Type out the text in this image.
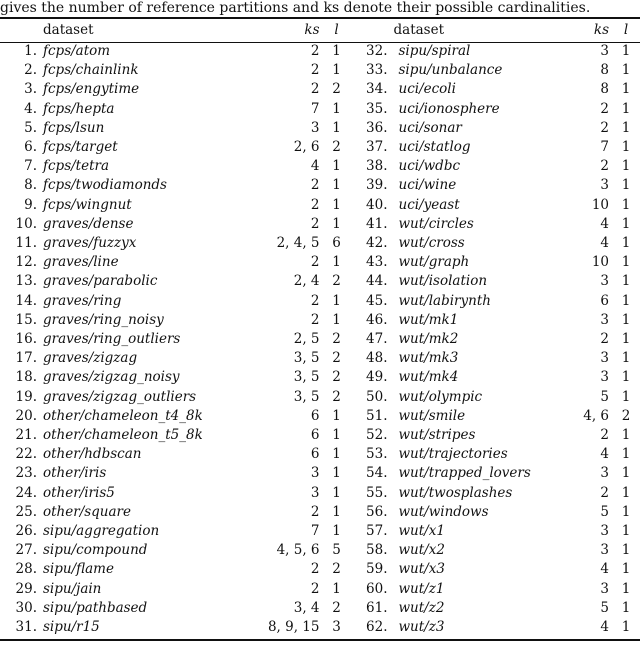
gives the number of reference partitions and ks denote their possible cardinalities.
	dataset	ks	l		dataset	ks	l
1.	fcps/atom	2	1	32.	sipu/spiral	3	1
2.	fcps/chainlink	2	1	33.	sipu/unbalance	8	1
3.	fcps/engytime	2	2	34.	uci/ecoli	8	1
4.	fcps/hepta	7	1	35.	uci/ionosphere	2	1
5.	fcps/lsun	3	1	36.	uci/sonar	2	1
6.	fcps/target	2, 6	2	37.	uci/statlog	7	1
7.	fcps/tetra	4	1	38.	uci/wdbc	2	1
8.	fcps/twodiamonds	2	1	39.	uci/wine	3	1
9.	fcps/wingnut	2	1	40.	uci/yeast	10	1
10.	graves/dense	2	1	41.	wut/circles	4	1
11.	graves/fuzzyx	2, 4, 5	6	42.	wut/cross	4	1
12.	graves/line	2	1	43.	wut/graph	10	1
13.	graves/parabolic	2, 4	2	44.	wut/isolation	3	1
14.	graves/ring	2	1	45.	wut/labirynth	6	1
15.	graves/ring_noisy	2	1	46.	wut/mk1	3	1
16.	graves/ring_outliers	2, 5	2	47.	wut/mk2	2	1
17.	graves/zigzag	3, 5	2	48.	wut/mk3	3	1
18.	graves/zigzag_noisy	3, 5	2	49.	wut/mk4	3	1
19.	graves/zigzag_outliers	3, 5	2	50.	wut/olympic	5	1
20.	other/chameleon_t4_8k	6	1	51.	wut/smile	4, 6	2
21.	other/chameleon_t5_8k	6	1	52.	wut/stripes	2	1
22.	other/hdbscan	6	1	53.	wut/trajectories	4	1
23.	other/iris	3	1	54.	wut/trapped_lovers	3	1
24.	other/iris5	3	1	55.	wut/twosplashes	2	1
25.	other/square	2	1	56.	wut/windows	5	1
26.	sipu/aggregation	7	1	57.	wut/x1	3	1
27.	sipu/compound	4, 5, 6	5	58.	wut/x2	3	1
28.	sipu/flame	2	2	59.	wut/x3	4	1
29.	sipu/jain	2	1	60.	wut/z1	3	1
30.	sipu/pathbased	3, 4	2	61.	wut/z2	5	1
31.	sipu/r15	8, 9, 15	3	62.	wut/z3	4	1
